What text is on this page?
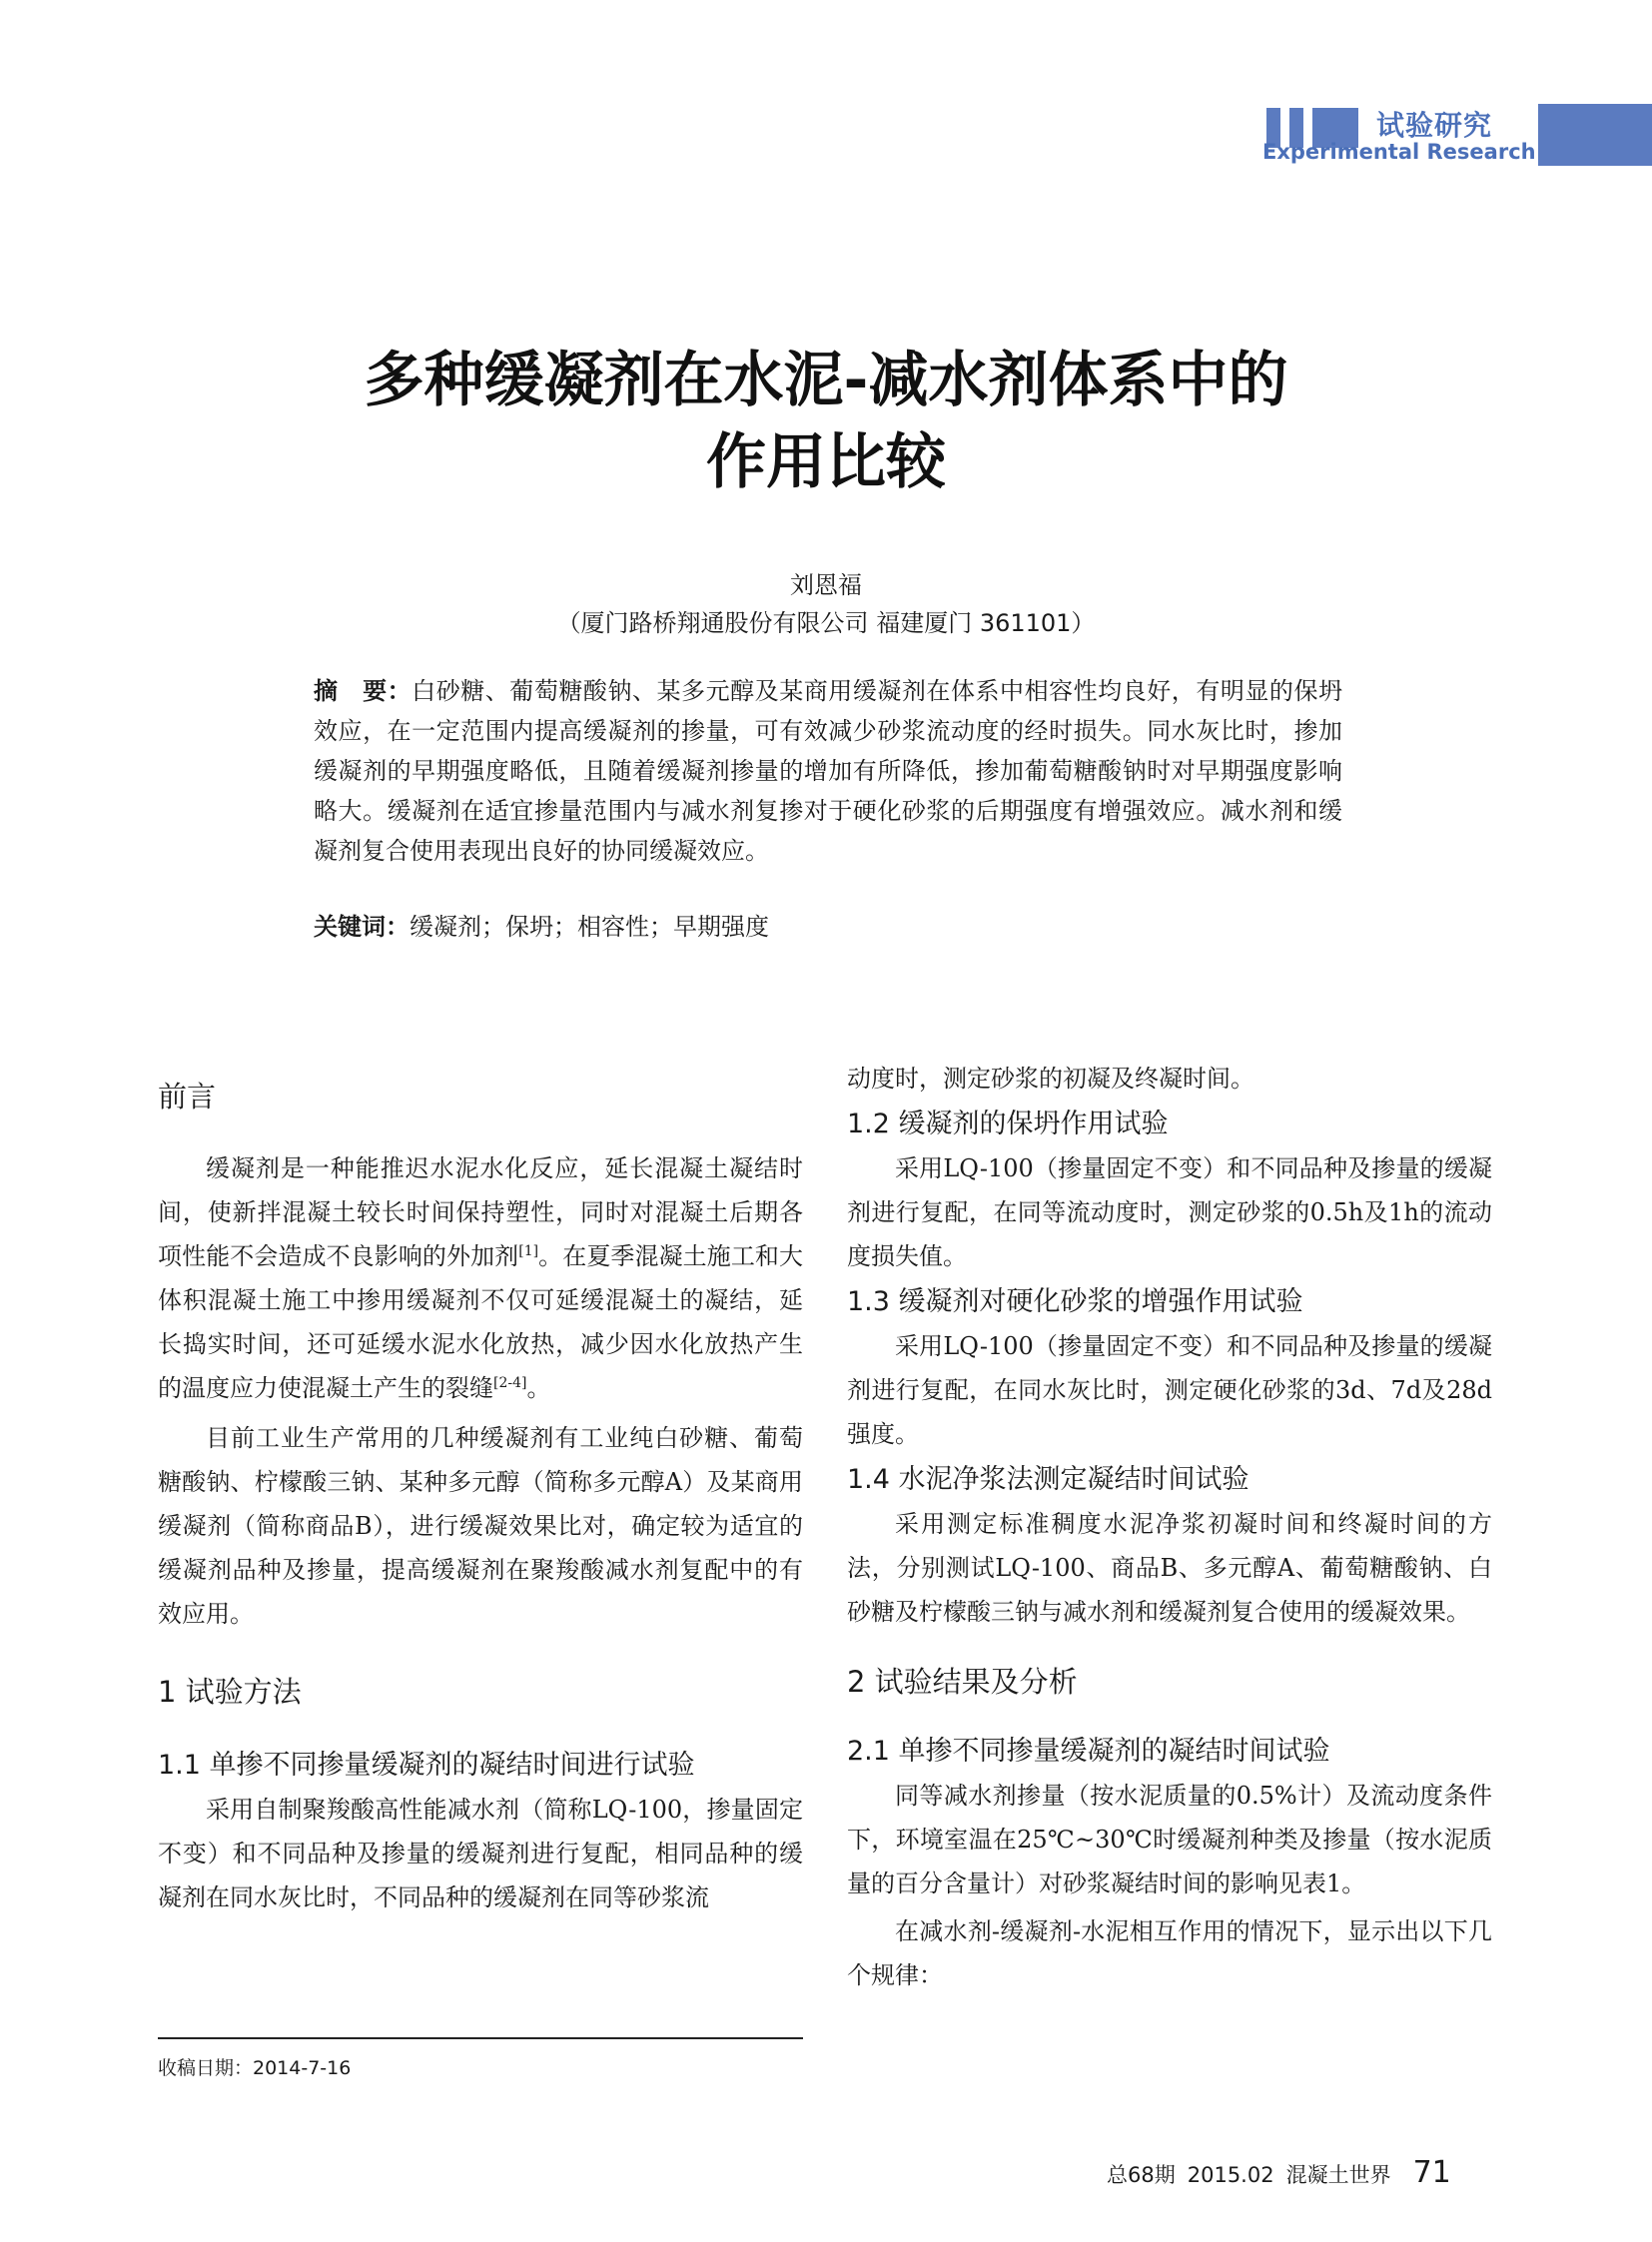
试验研究
Experimental Research
多种缓凝剂在水泥-减水剂体系中的
作用比较
刘恩福
（厦门路桥翔通股份有限公司 福建厦门 361101）
摘　要：白砂糖、葡萄糖酸钠、某多元醇及某商用缓凝剂在体系中相容性均良好，有明显的保坍效应，在一定范围内提高缓凝剂的掺量，可有效减少砂浆流动度的经时损失。同水灰比时，掺加缓凝剂的早期强度略低，且随着缓凝剂掺量的增加有所降低，掺加葡萄糖酸钠时对早期强度影响略大。缓凝剂在适宜掺量范围内与减水剂复掺对于硬化砂浆的后期强度有增强效应。减水剂和缓凝剂复合使用表现出良好的协同缓凝效应。
关键词：缓凝剂；保坍；相容性；早期强度
前言

缓凝剂是一种能推迟水泥水化反应，延长混凝土凝结时间，使新拌混凝土较长时间保持塑性，同时对混凝土后期各项性能不会造成不良影响的外加剂[1]。在夏季混凝土施工和大体积混凝土施工中掺用缓凝剂不仅可延缓混凝土的凝结，延长捣实时间，还可延缓水泥水化放热，减少因水化放热产生的温度应力使混凝土产生的裂缝[2-4]。

目前工业生产常用的几种缓凝剂有工业纯白砂糖、葡萄糖酸钠、柠檬酸三钠、某种多元醇（简称多元醇A）及某商用缓凝剂（简称商品B），进行缓凝效果比对，确定较为适宜的缓凝剂品种及掺量，提高缓凝剂在聚羧酸减水剂复配中的有效应用。

1 试验方法
1.1 单掺不同掺量缓凝剂的凝结时间进行试验

采用自制聚羧酸高性能减水剂（简称LQ-100，掺量固定不变）和不同品种及掺量的缓凝剂进行复配，相同品种的缓凝剂在同水灰比时，不同品种的缓凝剂在同等砂浆流

动度时，测定砂浆的初凝及终凝时间。

1.2 缓凝剂的保坍作用试验

采用LQ-100（掺量固定不变）和不同品种及掺量的缓凝剂进行复配，在同等流动度时，测定砂浆的0.5h及1h的流动度损失值。

1.3 缓凝剂对硬化砂浆的增强作用试验

采用LQ-100（掺量固定不变）和不同品种及掺量的缓凝剂进行复配，在同水灰比时，测定硬化砂浆的3d、7d及28d强度。

1.4 水泥净浆法测定凝结时间试验

采用测定标准稠度水泥净浆初凝时间和终凝时间的方法，分别测试LQ-100、商品B、多元醇A、葡萄糖酸钠、白砂糖及柠檬酸三钠与减水剂和缓凝剂复合使用的缓凝效果。

2 试验结果及分析
2.1 单掺不同掺量缓凝剂的凝结时间试验

同等减水剂掺量（按水泥质量的0.5%计）及流动度条件下，环境室温在25℃~30℃时缓凝剂种类及掺量（按水泥质量的百分含量计）对砂浆凝结时间的影响见表1。

在减水剂-缓凝剂-水泥相互作用的情况下，显示出以下几个规律：

收稿日期：2014-7-16
总68期 2015.02 混凝土世界 71
